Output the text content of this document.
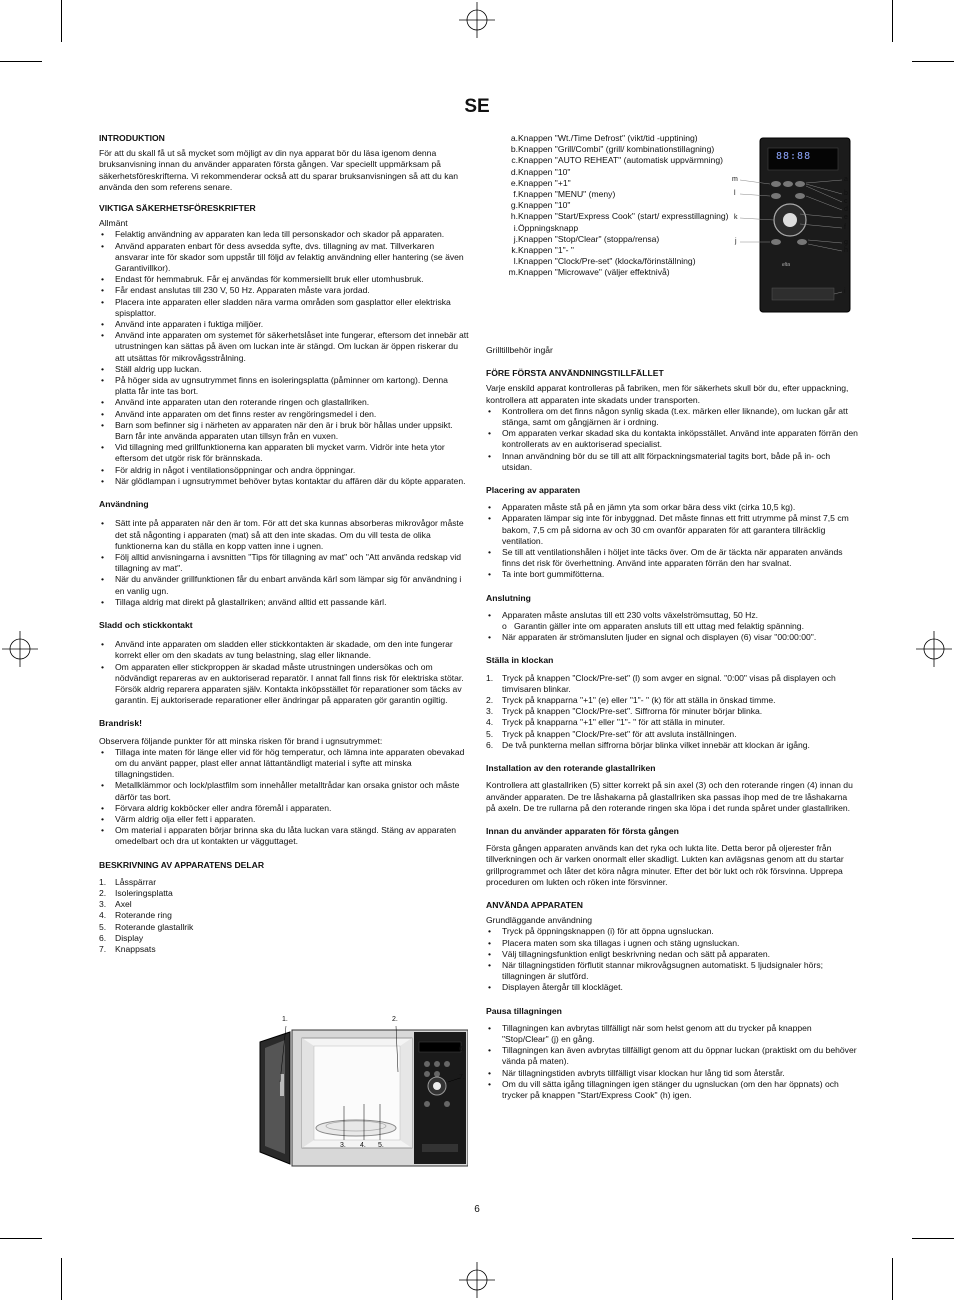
SE
INTRODUKTION

För att du skall få ut så mycket som möjligt av din nya apparat bör du läsa igenom denna bruksanvisning innan du använder apparaten första gången. Var speciellt uppmärksam på säkerhetsföreskrifterna. Vi rekommenderar också att du sparar bruksanvisningen så att du kan använda den som referens senare.

VIKTIGA SÄKERHETSFÖRESKRIFTER

Allmänt

• Felaktig användning av apparaten kan leda till personskador och skador på apparaten.
• Använd apparaten enbart för dess avsedda syfte, dvs. tillagning av mat. Tillverkaren ansvarar inte för skador som uppstår till följd av felaktig användning eller hantering (se även Garantivillkor).
• Endast för hemmabruk. Får ej användas för kommersiellt bruk eller utomhusbruk.
• Får endast anslutas till 230 V, 50 Hz. Apparaten måste vara jordad.
• Placera inte apparaten eller sladden nära varma områden som gasplattor eller elektriska spisplattor.
• Använd inte apparaten i fuktiga miljöer.
• Använd inte apparaten om systemet för säkerhetslåset inte fungerar, eftersom det innebär att utrustningen kan sättas på även om luckan inte är stängd. Om luckan är öppen riskerar du att utsättas för mikrovågsstrålning.
• Ställ aldrig upp luckan.
• På höger sida av ugnsutrymmet finns en isoleringsplatta (påminner om kartong). Denna platta får inte tas bort.
• Använd inte apparaten utan den roterande ringen och glastallriken.
• Använd inte apparaten om det finns rester av rengöringsmedel i den.
• Barn som befinner sig i närheten av apparaten när den är i bruk bör hållas under uppsikt. Barn får inte använda apparaten utan tillsyn från en vuxen.
• Vid tillagning med grillfunktionerna kan apparaten bli mycket varm. Vidrör inte heta ytor eftersom det utgör risk för brännskada.
• För aldrig in något i ventilationsöppningar och andra öppningar.
• När glödlampan i ugnsutrymmet behöver bytas kontaktar du affären där du köpte apparaten.
Användning
• Sätt inte på apparaten när den är tom. För att det ska kunnas absorberas mikrovågor måste det stå någonting i apparaten (mat) så att den inte skadas. Om du vill testa de olika funktionerna kan du ställa en kopp vatten inne i ugnen.
• Följ alltid anvisningarna i avsnitten "Tips för tillagning av mat" och "Att använda redskap vid tillagning av mat".
• När du använder grillfunktionen får du enbart använda kärl som lämpar sig för användning i en vanlig ugn.
• Tillaga aldrig mat direkt på glastallriken; använd alltid ett passande kärl.
Sladd och stickkontakt
• Använd inte apparaten om sladden eller stickkontakten är skadade, om den inte fungerar korrekt eller om den skadats av tung belastning, slag eller liknande.
• Om apparaten eller stickproppen är skadad måste utrustningen undersökas och om nödvändigt repareras av en auktoriserad reparatör. I annat fall finns risk för elektriska stötar. Försök aldrig reparera apparaten själv. Kontakta inköpsstället för reparationer som täcks av garantin. Ej auktoriserade reparationer eller ändringar på apparaten gör garantin ogiltig.
Brandrisk!

Observera följande punkter för att minska risken för brand i ugnsutrymmet:

• Tillaga inte maten för länge eller vid för hög temperatur, och lämna inte apparaten obevakad om du använt papper, plast eller annat lättantändligt material i syfte att minska tillagningstiden.
• Metallklämmor och lock/plastfilm som innehåller metalltrådar kan orsaka gnistor och måste därför tas bort.
• Förvara aldrig kokböcker eller andra föremål i apparaten.
• Värm aldrig olja eller fett i apparaten.
• Om material i apparaten börjar brinna ska du låta luckan vara stängd. Stäng av apparaten omedelbart och dra ut kontakten ur vägguttaget.
BESKRIVNING AV APPARATENS DELAR
1. Låsspärrar
2. Isoleringsplatta
3. Axel
4. Roterande ring
5. Roterande glastallrik
6. Display
7. Knappsats
1.	2.
3. 4. 5.
6.
7.
a. Knappen "Wt./Time Defrost" (vikt/tid -upptining)
b. Knappen "Grill/Combi" (grill/ kombinationstillagning)
c. Knappen "AUTO REHEAT" (automatisk uppvärmning)
d. Knappen "10"
e. Knappen "+1"
f. Knappen "MENU" (meny)
g. Knappen "10"
h. Knappen "Start/Express Cook" (start/ expresstillagning)
i. Öppningsknapp
j. Knappen "Stop/Clear" (stoppa/rensa)
k. Knappen "1"- "
l. Knappen "Clock/Pre-set" (klocka/förinställning)
m. Knappen "Microwave" (väljer effektnivå)
88:88
elta
a
b
c
d
e
f
g
h
i
m
l
k
j

Grilltillbehör ingår

FÖRE FÖRSTA ANVÄNDNINGSTILLFÄLLET

Varje enskild apparat kontrolleras på fabriken, men för säkerhets skull bör du, efter uppackning, kontrollera att apparaten inte skadats under transporten.

• Kontrollera om det finns någon synlig skada (t.ex. märken eller liknande), om luckan går att stänga, samt om gångjärnen är i ordning.
• Om apparaten verkar skadad ska du kontakta inköpsstället. Använd inte apparaten förrän den kontrollerats av en auktoriserad specialist.
• Innan användning bör du se till att allt förpackningsmaterial tagits bort, både på in- och utsidan.
Placering av apparaten
• Apparaten måste stå på en jämn yta som orkar bära dess vikt (cirka 10,5 kg).
• Apparaten lämpar sig inte för inbyggnad. Det måste finnas ett fritt utrymme på minst 7,5 cm bakom, 7,5 cm på sidorna av och 30 cm ovanför apparaten för att garantera tillräcklig ventilation.
• Se till att ventilationshålen i höljet inte täcks över. Om de är täckta när apparaten används finns det risk för överhettning. Använd inte apparaten förrän den har svalnat.
• Ta inte bort gummifötterna.
Anslutning
• Apparaten måste anslutas till ett 230 volts växelströmsuttag, 50 Hz.
o Garantin gäller inte om apparaten ansluts till ett uttag med felaktig spänning.
• När apparaten är strömansluten ljuder en signal och displayen (6) visar "00:00:00".
Ställa in klockan
1. Tryck på knappen "Clock/Pre-set" (l) som avger en signal. "0:00" visas på displayen och timvisaren blinkar.
2. Tryck på knapparna "+1" (e) eller "1"- " (k) för att ställa in önskad timme.
3. Tryck på knappen "Clock/Pre-set". Siffrorna för minuter börjar blinka.
4. Tryck på knapparna "+1" eller "1"- " för att ställa in minuter.
5. Tryck på knappen "Clock/Pre-set" för att avsluta inställningen.
6. De två punkterna mellan siffrorna börjar blinka vilket innebär att klockan är igång.
Installation av den roterande glastallriken

Kontrollera att glastallriken (5) sitter korrekt på sin axel (3) och den roterande ringen (4) innan du använder apparaten. De tre låshakarna på glastallriken ska passas ihop med de tre låshakarna på axeln. De tre rullarna på den roterande ringen ska löpa i det runda spåret under glastallriken.

Innan du använder apparaten för första gången

Första gången apparaten används kan det ryka och lukta lite. Detta beror på oljerester från tillverkningen och är varken onormalt eller skadligt. Lukten kan avlägsnas genom att du startar grillprogrammet och låter det köra några minuter. Efter det bör lukt och rök försvinna. Upprepa proceduren om lukten och röken inte försvinner.

ANVÄNDA APPARATEN

Grundläggande användning

• Tryck på öppningsknappen (i) för att öppna ugnsluckan.
• Placera maten som ska tillagas i ugnen och stäng ugnsluckan.
• Välj tillagningsfunktion enligt beskrivning nedan och sätt på apparaten.
• När tillagningstiden förflutit stannar mikrovågsugnen automatiskt. 5 ljudsignaler hörs; tillagningen är slutförd.
• Displayen återgår till klockläget.
Pausa tillagningen
• Tillagningen kan avbrytas tillfälligt när som helst genom att du trycker på knappen "Stop/Clear" (j) en gång.
• Tillagningen kan även avbrytas tillfälligt genom att du öppnar luckan (praktiskt om du behöver vända på maten).
• När tillagningstiden avbryts tillfälligt visar klockan hur lång tid som återstår.
• Om du vill sätta igång tillagningen igen stänger du ugnsluckan (om den har öppnats) och trycker på knappen "Start/Express Cook" (h) igen.
6
